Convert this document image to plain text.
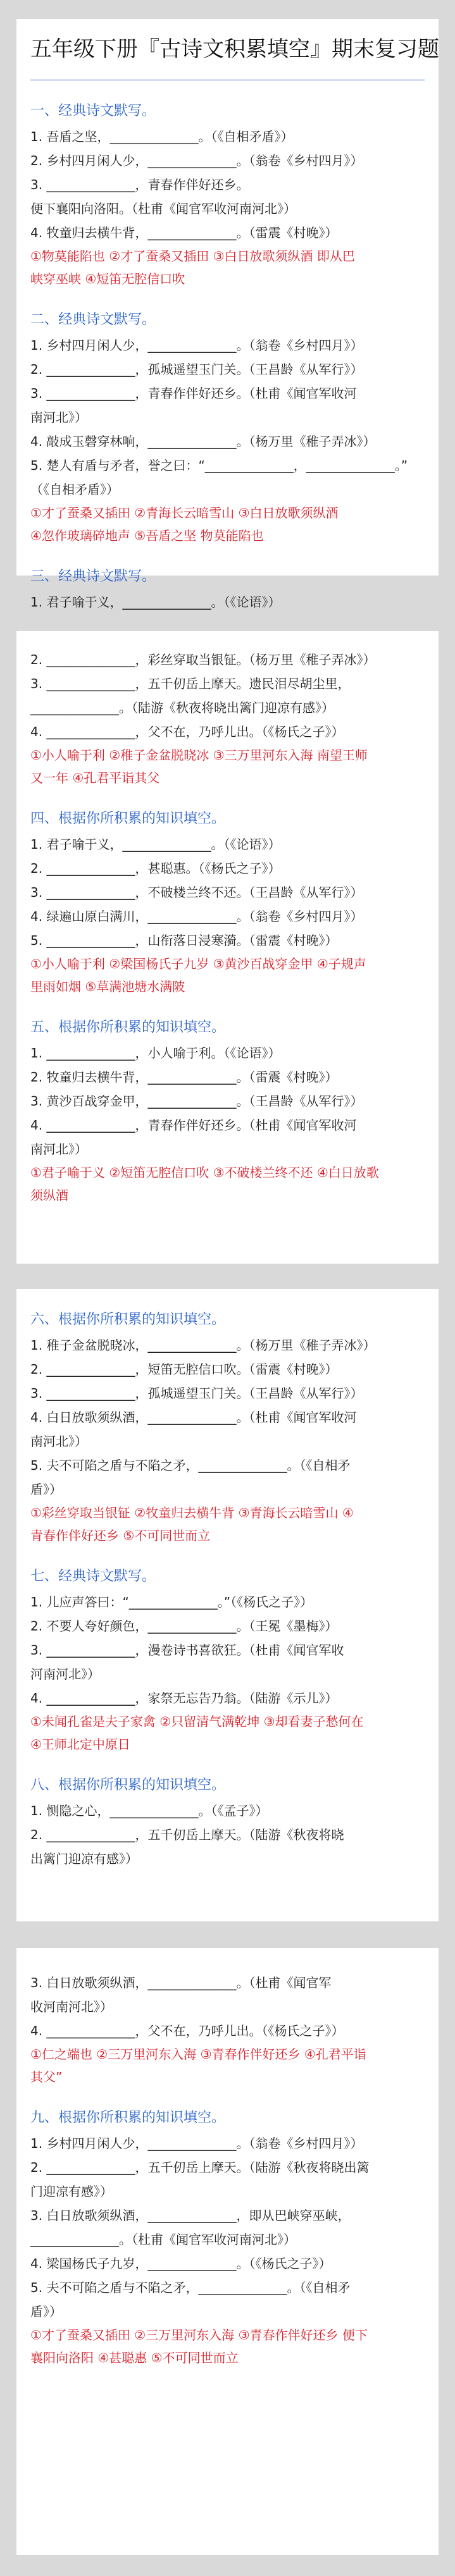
五年级下册『古诗文积累填空』期末复习题
一、经典诗文默写。
1. 吾盾之坚，______________。（《自相矛盾》）
2. 乡村四月闲人少，______________。（翁卷《乡村四月》）
3. ______________，青春作伴好还乡。
便下襄阳向洛阳。（杜甫《闻官军收河南河北》）
4. 牧童归去横牛背，______________。（雷震《村晚》）
①物莫能陷也 ②才了蚕桑又插田 ③白日放歌须纵酒 即从巴
峡穿巫峡 ④短笛无腔信口吹
二、经典诗文默写。
1. 乡村四月闲人少，______________。（翁卷《乡村四月》）
2. ______________，孤城遥望玉门关。（王昌龄《从军行》）
3. ______________，青春作伴好还乡。（杜甫《闻官军收河
南河北》）
4. 敲成玉磬穿林响，______________。（杨万里《稚子弄冰》）
5. 楚人有盾与矛者，誉之曰：“______________，______________。”
（《自相矛盾》）
①才了蚕桑又插田 ②青海长云暗雪山 ③白日放歌须纵酒
④忽作玻璃碎地声 ⑤吾盾之坚 物莫能陷也
三、经典诗文默写。
1. 君子喻于义，______________。（《论语》）
2. ______________，彩丝穿取当银钲。（杨万里《稚子弄冰》）
3. ______________，五千仞岳上摩天。遗民泪尽胡尘里，
______________。（陆游《秋夜将晓出篱门迎凉有感》）
4. ______________，父不在，乃呼儿出。（《杨氏之子》）
①小人喻于利 ②稚子金盆脱晓冰 ③三万里河东入海 南望王师
又一年 ④孔君平诣其父
四、根据你所积累的知识填空。
1. 君子喻于义，______________。（《论语》）
2. ______________，甚聪惠。（《杨氏之子》）
3. ______________，不破楼兰终不还。（王昌龄《从军行》）
4. 绿遍山原白满川，______________。（翁卷《乡村四月》）
5. ______________，山衔落日浸寒漪。（雷震《村晚》）
①小人喻于利 ②梁国杨氏子九岁 ③黄沙百战穿金甲 ④子规声
里雨如烟 ⑤草满池塘水满陂
五、根据你所积累的知识填空。
1. ______________，小人喻于利。（《论语》）
2. 牧童归去横牛背，______________。（雷震《村晚》）
3. 黄沙百战穿金甲，______________。（王昌龄《从军行》）
4. ______________，青春作伴好还乡。（杜甫《闻官军收河
南河北》）
①君子喻于义 ②短笛无腔信口吹 ③不破楼兰终不还 ④白日放歌
须纵酒
六、根据你所积累的知识填空。
1. 稚子金盆脱晓冰，______________。（杨万里《稚子弄冰》）
2. ______________，短笛无腔信口吹。（雷震《村晚》）
3. ______________，孤城遥望玉门关。（王昌龄《从军行》）
4. 白日放歌须纵酒，______________。（杜甫《闻官军收河
南河北》）
5. 夫不可陷之盾与不陷之矛，______________。（《自相矛
盾》）
①彩丝穿取当银钲 ②牧童归去横牛背 ③青海长云暗雪山 ④
青春作伴好还乡 ⑤不可同世而立
七、经典诗文默写。
1. 儿应声答曰：“______________。”（《杨氏之子》）
2. 不要人夸好颜色，______________。（王冕《墨梅》）
3. ______________，漫卷诗书喜欲狂。（杜甫《闻官军收
河南河北》）
4. ______________，家祭无忘告乃翁。（陆游《示儿》）
①未闻孔雀是夫子家禽 ②只留清气满乾坤 ③却看妻子愁何在
④王师北定中原日
八、根据你所积累的知识填空。
1. 恻隐之心，______________。（《孟子》）
2. ______________，五千仞岳上摩天。（陆游《秋夜将晓
出篱门迎凉有感》）
3. 白日放歌须纵酒，______________。（杜甫《闻官军
收河南河北》）
4. ______________，父不在，乃呼儿出。（《杨氏之子》）
①仁之端也 ②三万里河东入海 ③青春作伴好还乡 ④孔君平诣
其父”
九、根据你所积累的知识填空。
1. 乡村四月闲人少，______________。（翁卷《乡村四月》）
2. ______________，五千仞岳上摩天。（陆游《秋夜将晓出篱
门迎凉有感》）
3. 白日放歌须纵酒，______________，即从巴峡穿巫峡，
______________。（杜甫《闻官军收河南河北》）
4. 梁国杨氏子九岁，______________。（《杨氏之子》）
5. 夫不可陷之盾与不陷之矛，______________。（《自相矛
盾》）
①才了蚕桑又插田 ②三万里河东入海 ③青春作伴好还乡 便下
襄阳向洛阳 ④甚聪惠 ⑤不可同世而立
